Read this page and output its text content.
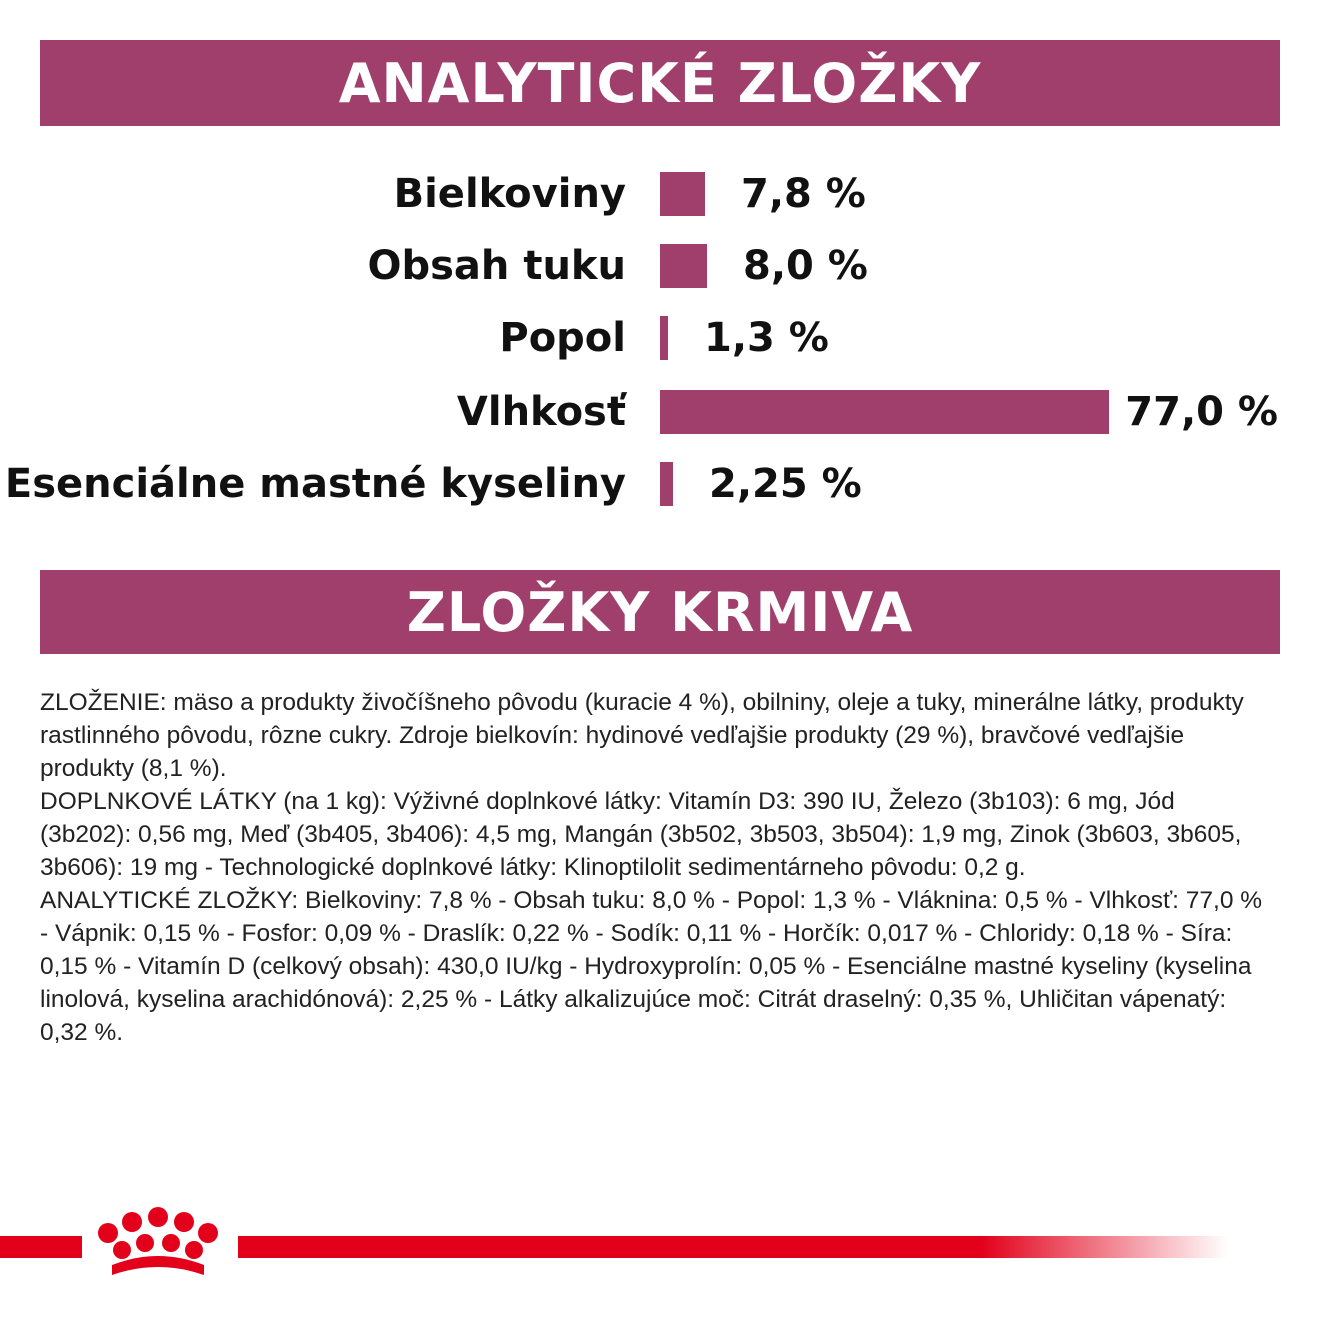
ANALYTICKÉ ZLOŽKY
Bielkoviny	7,8 %
Obsah tuku	8,0 %
Popol 1,3 %
Vlhkosť	77,0 %
Esenciálne mastné kyseliny 2,25 %
ZLOŽKY KRMIVA

ZLOŽENIE: mäso a produkty živočíšneho pôvodu (kuracie 4 %), obilniny, oleje a tuky, minerálne látky, produkty rastlinného pôvodu, rôzne cukry. Zdroje bielkovín: hydinové vedľajšie produkty (29 %), bravčové vedľajšie produkty (8,1 %).

DOPLNKOVÉ LÁTKY (na 1 kg): Výživné doplnkové látky: Vitamín D3: 390 IU, Železo (3b103): 6 mg, Jód (3b202): 0,56 mg, Meď (3b405, 3b406): 4,5 mg, Mangán (3b502, 3b503, 3b504): 1,9 mg, Zinok (3b603, 3b605, 3b606): 19 mg - Technologické doplnkové látky: Klinoptilolit sedimentárneho pôvodu: 0,2 g.

ANALYTICKÉ ZLOŽKY: Bielkoviny: 7,8 % - Obsah tuku: 8,0 % - Popol: 1,3 % - Vláknina: 0,5 % - Vlhkosť: 77,0 % - Vápnik: 0,15 % - Fosfor: 0,09 % - Draslík: 0,22 % - Sodík: 0,11 % - Horčík: 0,017 % - Chloridy: 0,18 % - Síra: 0,15 % - Vitamín D (celkový obsah): 430,0 IU/kg - Hydroxyprolín: 0,05 % - Esenciálne mastné kyseliny (kyselina linolová, kyselina arachidónová): 2,25 % - Látky alkalizujúce moč: Citrát draselný: 0,35 %, Uhličitan vápenatý: 0,32 %.
